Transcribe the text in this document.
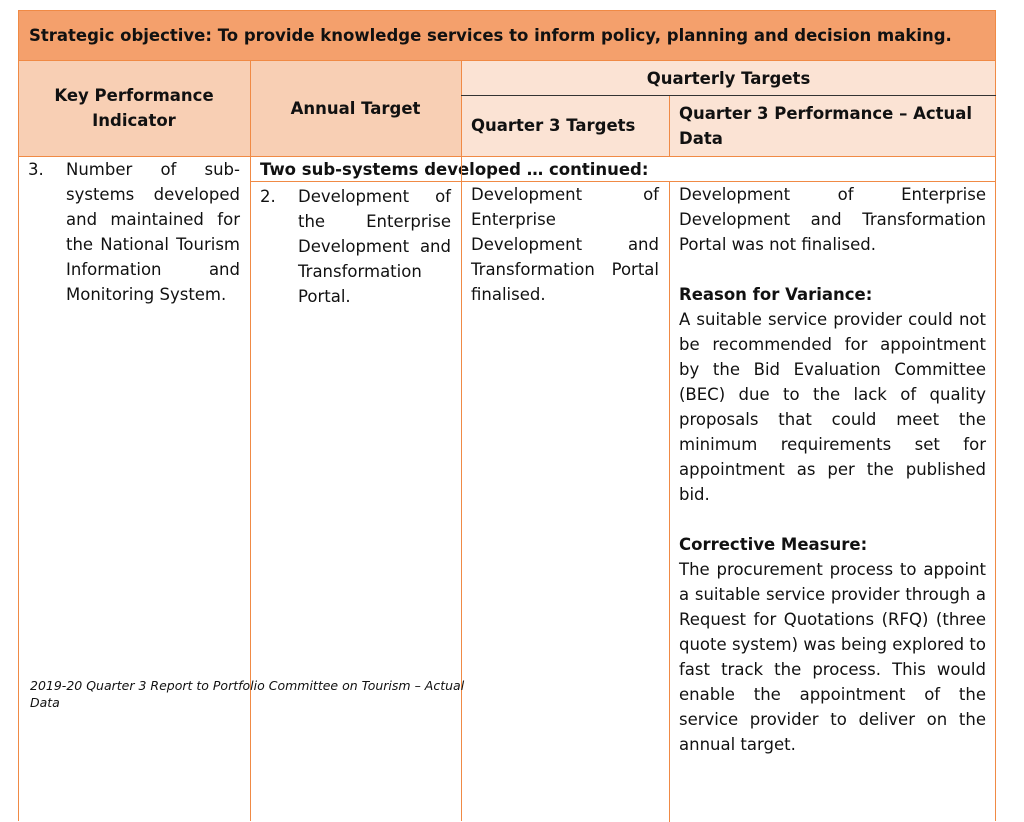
Strategic objective: To provide knowledge services to inform policy, planning and decision making.
Key Performance Indicator
Annual Target
Quarterly Targets
Quarter 3 Targets
Quarter 3 Performance – Actual Data
3.	Number of sub-systems developed and maintained for the National Tourism Information and Monitoring System.
Two sub-systems developed … continued:
2.	Development of the Enterprise Development and Transformation Portal.
Development of Enterprise Development and Transformation Portal finalised.
Development of Enterprise Development and Transformation Portal was not finalised.
Reason for Variance:
A suitable service provider could not be recommended for appointment by the Bid Evaluation Committee (BEC) due to the lack of quality proposals that could meet the minimum requirements set for appointment as per the published bid.
Corrective Measure:
The procurement process to appoint a suitable service provider through a Request for Quotations (RFQ) (three quote system) was being explored to fast track the process. This would enable the appointment of the service provider to deliver on the annual target.
2019-20 Quarter 3 Report to Portfolio Committee on Tourism – Actual Data
